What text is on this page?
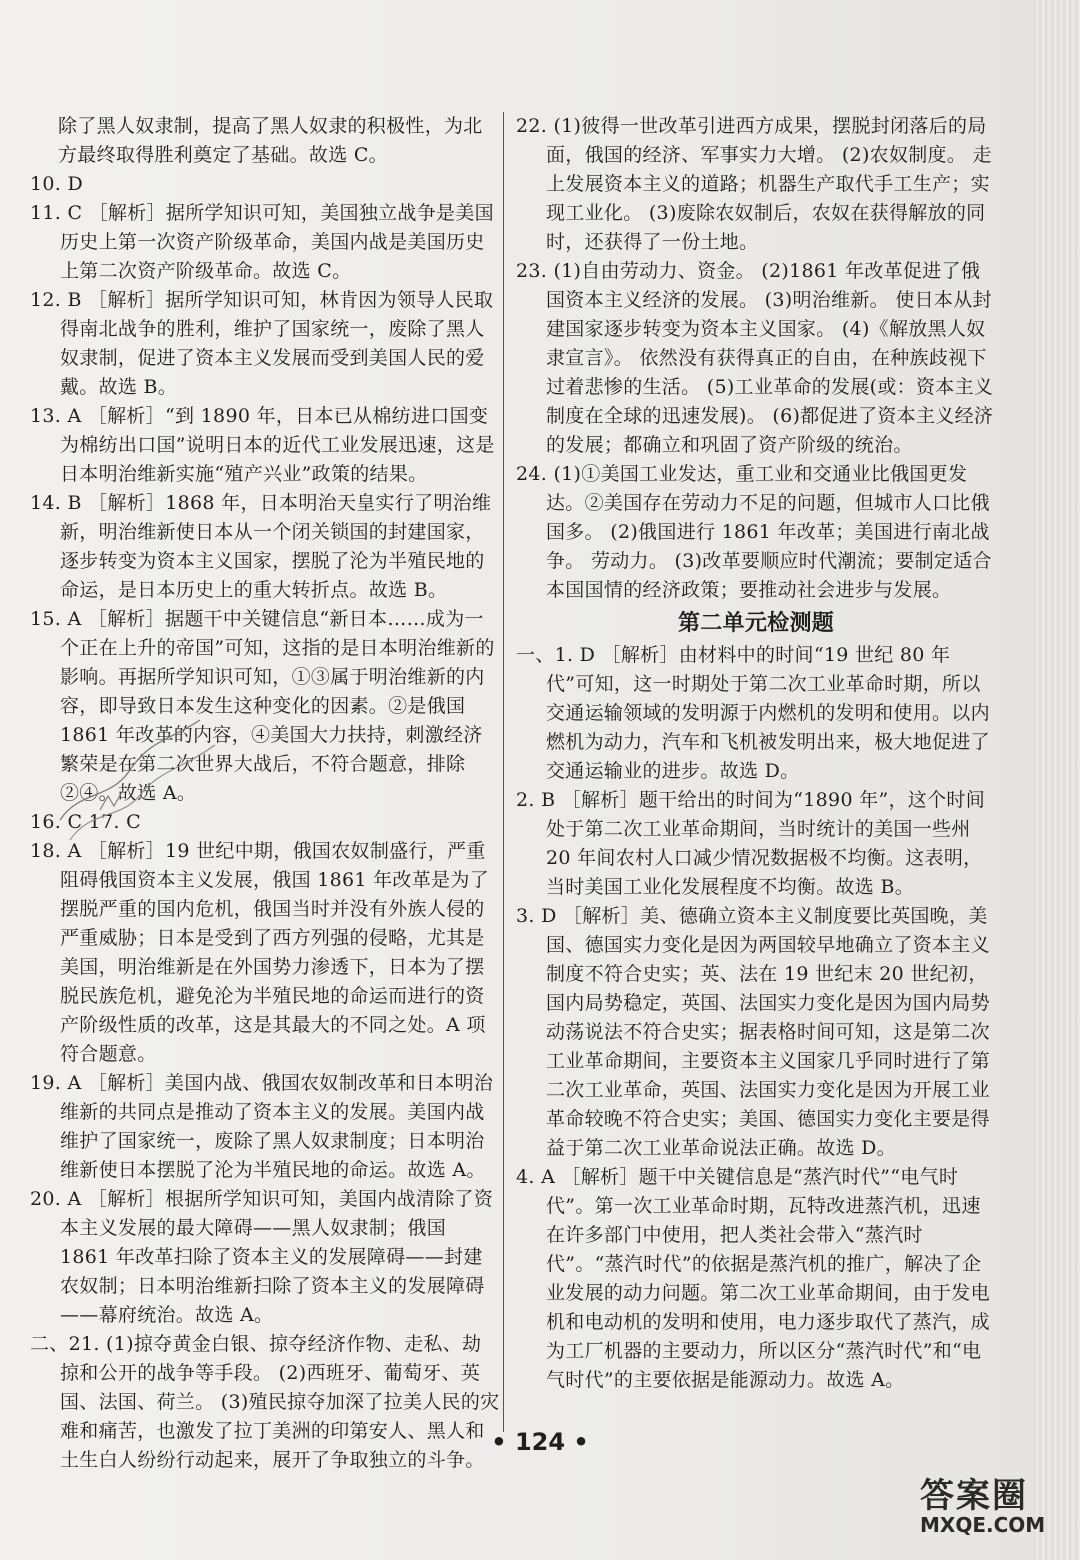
除了黑人奴隶制，提高了黑人奴隶的积极性，为北方最终取得胜利奠定了基础。故选 C。

10. D

11. C ［解析］据所学知识可知，美国独立战争是美国历史上第一次资产阶级革命，美国内战是美国历史上第二次资产阶级革命。故选 C。

12. B ［解析］据所学知识可知，林肯因为领导人民取得南北战争的胜利，维护了国家统一，废除了黑人奴隶制，促进了资本主义发展而受到美国人民的爱戴。故选 B。

13. A ［解析］“到 1890 年，日本已从棉纺进口国变为棉纺出口国”说明日本的近代工业发展迅速，这是日本明治维新实施“殖产兴业”政策的结果。

14. B ［解析］1868 年，日本明治天皇实行了明治维新，明治维新使日本从一个闭关锁国的封建国家，逐步转变为资本主义国家，摆脱了沦为半殖民地的命运，是日本历史上的重大转折点。故选 B。

15. A ［解析］据题干中关键信息“新日本……成为一个正在上升的帝国”可知，这指的是日本明治维新的影响。再据所学知识可知，①③属于明治维新的内容，即导致日本发生这种变化的因素。②是俄国 1861 年改革的内容，④美国大力扶持，刺激经济繁荣是在第二次世界大战后，不符合题意，排除②④。故选 A。

16. C 17. C

18. A ［解析］19 世纪中期，俄国农奴制盛行，严重阻碍俄国资本主义发展，俄国 1861 年改革是为了摆脱严重的国内危机，俄国当时并没有外族人侵的严重威胁；日本是受到了西方列强的侵略，尤其是美国，明治维新是在外国势力渗透下，日本为了摆脱民族危机，避免沦为半殖民地的命运而进行的资产阶级性质的改革，这是其最大的不同之处。A 项符合题意。

19. A ［解析］美国内战、俄国农奴制改革和日本明治维新的共同点是推动了资本主义的发展。美国内战维护了国家统一，废除了黑人奴隶制度；日本明治维新使日本摆脱了沦为半殖民地的命运。故选 A。

20. A ［解析］根据所学知识可知，美国内战清除了资本主义发展的最大障碍——黑人奴隶制；俄国 1861 年改革扫除了资本主义的发展障碍——封建农奴制；日本明治维新扫除了资本主义的发展障碍——幕府统治。故选 A。

二、21. (1)掠夺黄金白银、掠夺经济作物、走私、劫掠和公开的战争等手段。 (2)西班牙、葡萄牙、英国、法国、荷兰。 (3)殖民掠夺加深了拉美人民的灾难和痛苦，也激发了拉丁美洲的印第安人、黑人和土生白人纷纷行动起来，展开了争取独立的斗争。

22. (1)彼得一世改革引进西方成果，摆脱封闭落后的局面，俄国的经济、军事实力大增。 (2)农奴制度。 走上发展资本主义的道路；机器生产取代手工生产；实现工业化。 (3)废除农奴制后，农奴在获得解放的同时，还获得了一份土地。

23. (1)自由劳动力、资金。 (2)1861 年改革促进了俄国资本主义经济的发展。 (3)明治维新。 使日本从封建国家逐步转变为资本主义国家。 (4)《解放黑人奴隶宣言》。 依然没有获得真正的自由，在种族歧视下过着悲惨的生活。 (5)工业革命的发展(或：资本主义制度在全球的迅速发展)。 (6)都促进了资本主义经济的发展；都确立和巩固了资产阶级的统治。

24. (1)①美国工业发达，重工业和交通业比俄国更发达。②美国存在劳动力不足的问题，但城市人口比俄国多。 (2)俄国进行 1861 年改革；美国进行南北战争。 劳动力。 (3)改革要顺应时代潮流；要制定适合本国国情的经济政策；要推动社会进步与发展。

第二单元检测题

一、1. D ［解析］由材料中的时间“19 世纪 80 年代”可知，这一时期处于第二次工业革命时期，所以交通运输领域的发明源于内燃机的发明和使用。以内燃机为动力，汽车和飞机被发明出来，极大地促进了交通运输业的进步。故选 D。

2. B ［解析］题干给出的时间为“1890 年”，这个时间处于第二次工业革命期间，当时统计的美国一些州 20 年间农村人口减少情况数据极不均衡。这表明，当时美国工业化发展程度不均衡。故选 B。

3. D ［解析］美、德确立资本主义制度要比英国晚，美国、德国实力变化是因为两国较早地确立了资本主义制度不符合史实；英、法在 19 世纪末 20 世纪初，国内局势稳定，英国、法国实力变化是因为国内局势动荡说法不符合史实；据表格时间可知，这是第二次工业革命期间，主要资本主义国家几乎同时进行了第二次工业革命，英国、法国实力变化是因为开展工业革命较晚不符合史实；美国、德国实力变化主要是得益于第二次工业革命说法正确。故选 D。

4. A ［解析］题干中关键信息是“蒸汽时代”“电气时代”。第一次工业革命时期，瓦特改进蒸汽机，迅速在许多部门中使用，把人类社会带入“蒸汽时代”。“蒸汽时代”的依据是蒸汽机的推广，解决了企业发展的动力问题。第二次工业革命期间，由于发电机和电动机的发明和使用，电力逐步取代了蒸汽，成为工厂机器的主要动力，所以区分“蒸汽时代”和“电气时代”的主要依据是能源动力。故选 A。

• 124 •
答案圈
MXQE.COM
